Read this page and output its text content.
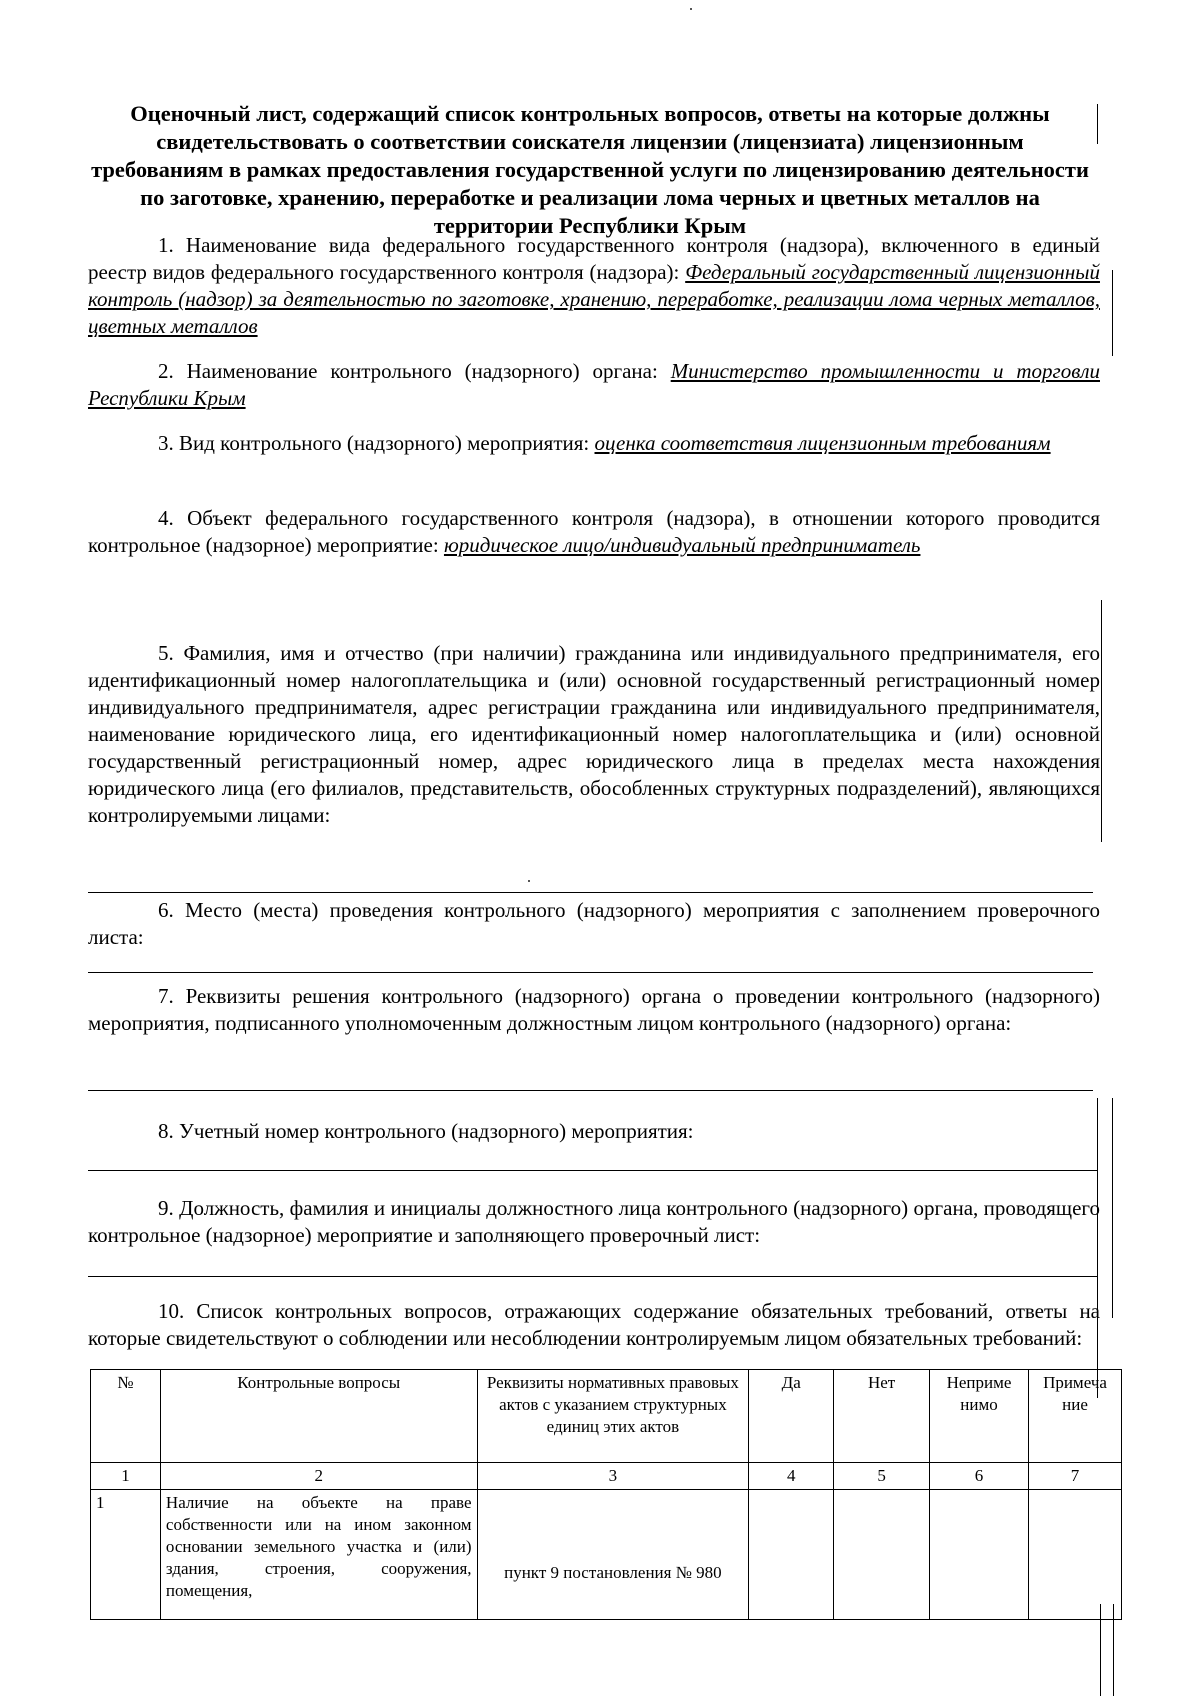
Оценочный лист, содержащий список контрольных вопросов, ответы на которые должны свидетельствовать о соответствии соискателя лицензии (лицензиата) лицензионным требованиям в рамках предоставления государственной услуги по лицензированию деятельности по заготовке, хранению, переработке и реализации лома черных и цветных металлов на территории Республики Крым
1. Наименование вида федерального государственного контроля (надзора), включенного в единый реестр видов федерального государственного контроля (надзора): Федеральный государственный лицензионный контроль (надзор) за деятельностью по заготовке, хранению, переработке, реализации лома черных металлов, цветных металлов
2. Наименование контрольного (надзорного) органа: Министерство промышленности и торговли Республики Крым
3. Вид контрольного (надзорного) мероприятия: оценка соответствия лицензионным требованиям
4. Объект федерального государственного контроля (надзора), в отношении которого проводится контрольное (надзорное) мероприятие: юридическое лицо/индивидуальный предприниматель
5. Фамилия, имя и отчество (при наличии) гражданина или индивидуального предпринимателя, его идентификационный номер налогоплательщика и (или) основной государственный регистрационный номер индивидуального предпринимателя, адрес регистрации гражданина или индивидуального предпринимателя, наименование юридического лица, его идентификационный номер налогоплательщика и (или) основной государственный регистрационный номер, адрес юридического лица в пределах места нахождения юридического лица (его филиалов, представительств, обособленных структурных подразделений), являющихся контролируемыми лицами:
6. Место (места) проведения контрольного (надзорного) мероприятия с заполнением проверочного листа:
7. Реквизиты решения контрольного (надзорного) органа о проведении контрольного (надзорного) мероприятия, подписанного уполномоченным должностным лицом контрольного (надзорного) органа:
8. Учетный номер контрольного (надзорного) мероприятия:
9. Должность, фамилия и инициалы должностного лица контрольного (надзорного) органа, проводящего контрольное (надзорное) мероприятие и заполняющего проверочный лист:
10. Список контрольных вопросов, отражающих содержание обязательных требований, ответы на которые свидетельствуют о соблюдении или несоблюдении контролируемым лицом обязательных требований:
№	Контрольные вопросы	Реквизиты нормативных правовых актов с указанием структурных единиц этих актов	Да	Нет	Неприме нимо	Примеча ние
1	2	3	4	5	6	7
1	Наличие на объекте на праве собственности или на ином законном основании земельного участка и (или) здания, строения, сооружения, помещения,	пункт 9 постановления № 980				
